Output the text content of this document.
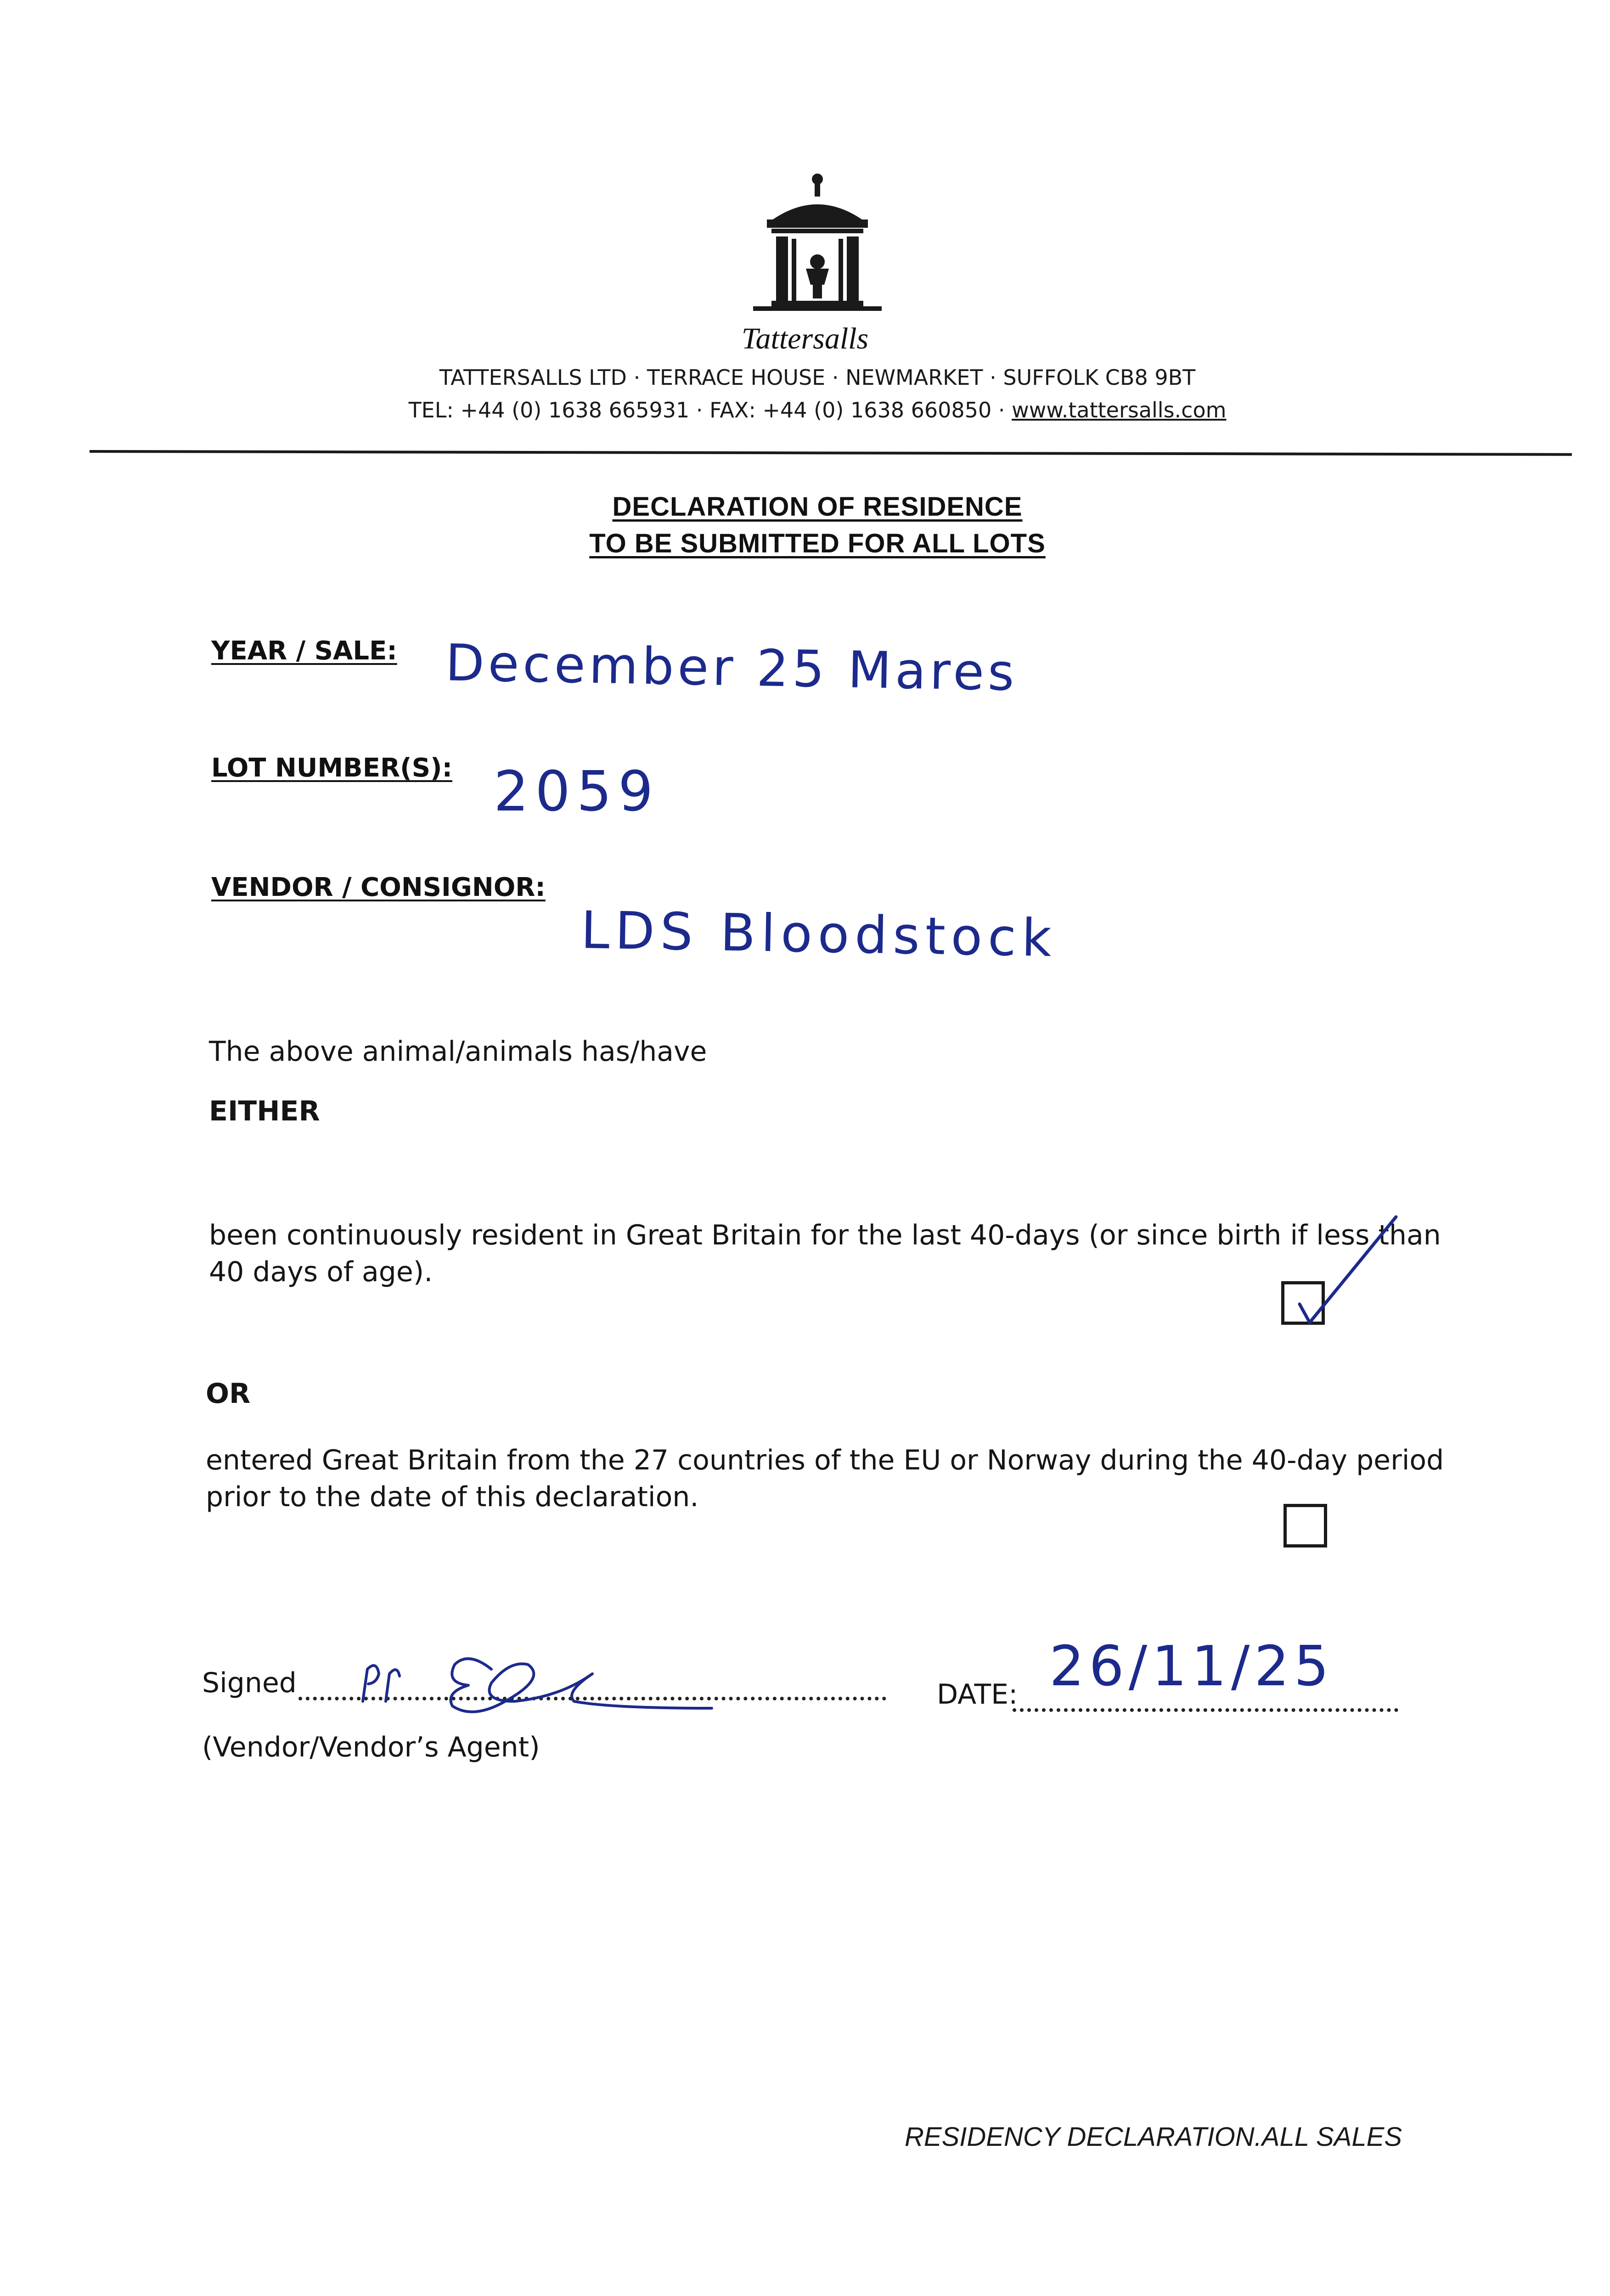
Tattersalls
TATTERSALLS LTD · TERRACE HOUSE · NEWMARKET · SUFFOLK CB8 9BT
TEL: +44 (0) 1638 665931 · FAX: +44 (0) 1638 660850 · www.tattersalls.com
DECLARATION OF RESIDENCE
TO BE SUBMITTED FOR ALL LOTS
YEAR / SALE: December 25 Mares
LOT NUMBER(S): 2059
VENDOR / CONSIGNOR:
LDS Bloodstock
The above animal/animals has/have
EITHER
been continuously resident in Great Britain for the last 40-days (or since birth if less than 40 days of age).
OR
entered Great Britain from the 27 countries of the EU or Norway during the 40-day period prior to the date of this declaration.
Signed	DATE: 26/11/25
(Vendor/Vendor’s Agent)
RESIDENCY DECLARATION.ALL SALES
